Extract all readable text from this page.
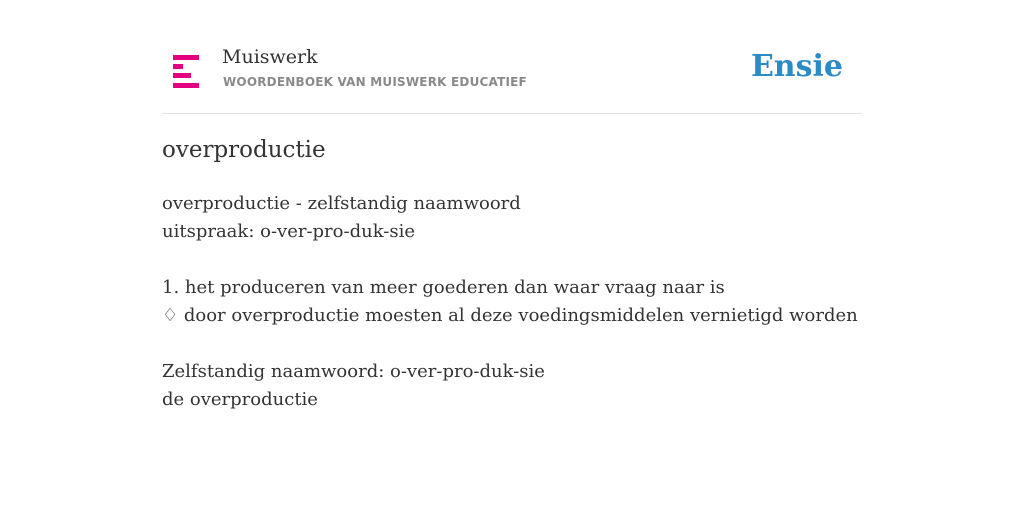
Muiswerk
WOORDENBOEK VAN MUISWERK EDUCATIEF	Ensie
overproductie
overproductie - zelfstandig naamwoord
uitspraak: o-ver-pro-duk-sie
1. het produceren van meer goederen dan waar vraag naar is
♢ door overproductie moesten al deze voedingsmiddelen vernietigd worden
Zelfstandig naamwoord: o-ver-pro-duk-sie
de overproductie
